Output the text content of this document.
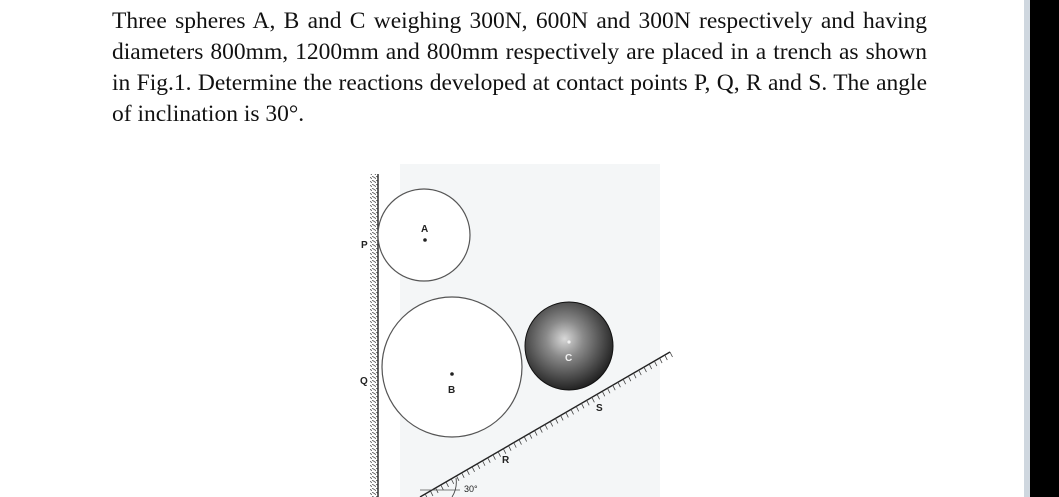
Three spheres A, B and C weighing 300N, 600N and 300N respectively and having diameters 800mm, 1200mm and 800mm respectively are placed in a trench as shown in Fig.1. Determine the reactions developed at contact points P, Q, R and S. The angle of inclination is 30°.

A
B
C
P
Q
R
S
30°
